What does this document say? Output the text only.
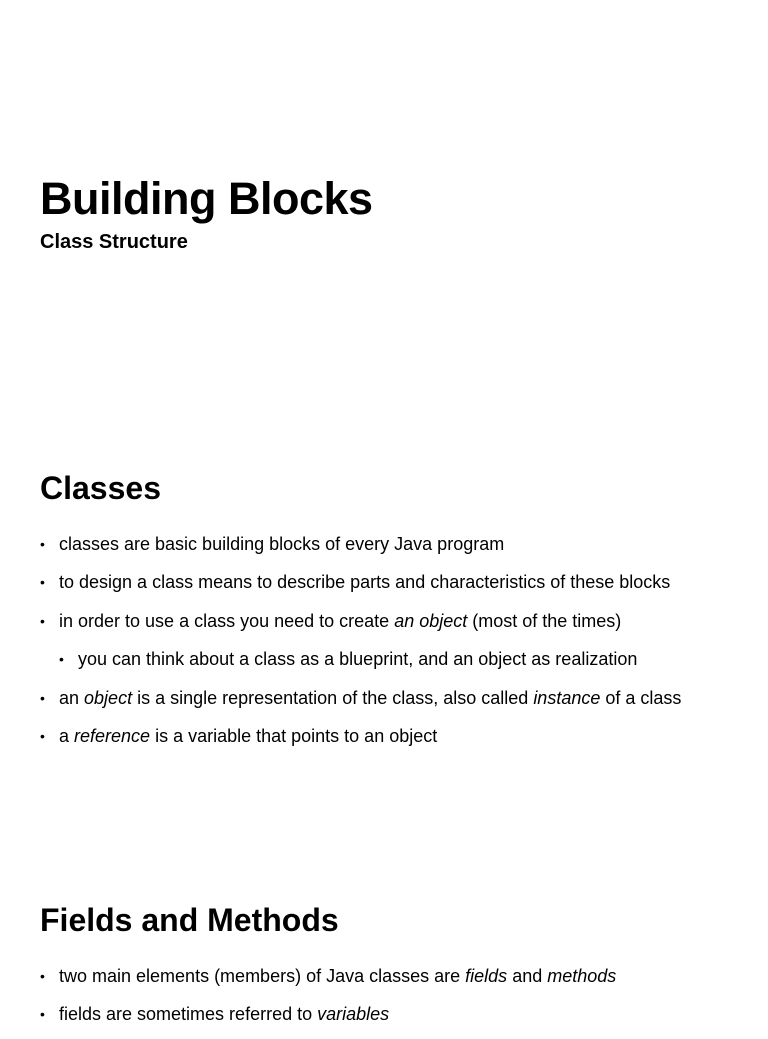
Building Blocks
Class Structure
Classes
• classes are basic building blocks of every Java program
• to design a class means to describe parts and characteristics of these blocks
• in order to use a class you need to create an object (most of the times)
• you can think about a class as a blueprint, and an object as realization
• an object is a single representation of the class, also called instance of a class
• a reference is a variable that points to an object
Fields and Methods
• two main elements (members) of Java classes are fields and methods
• fields are sometimes referred to variables
